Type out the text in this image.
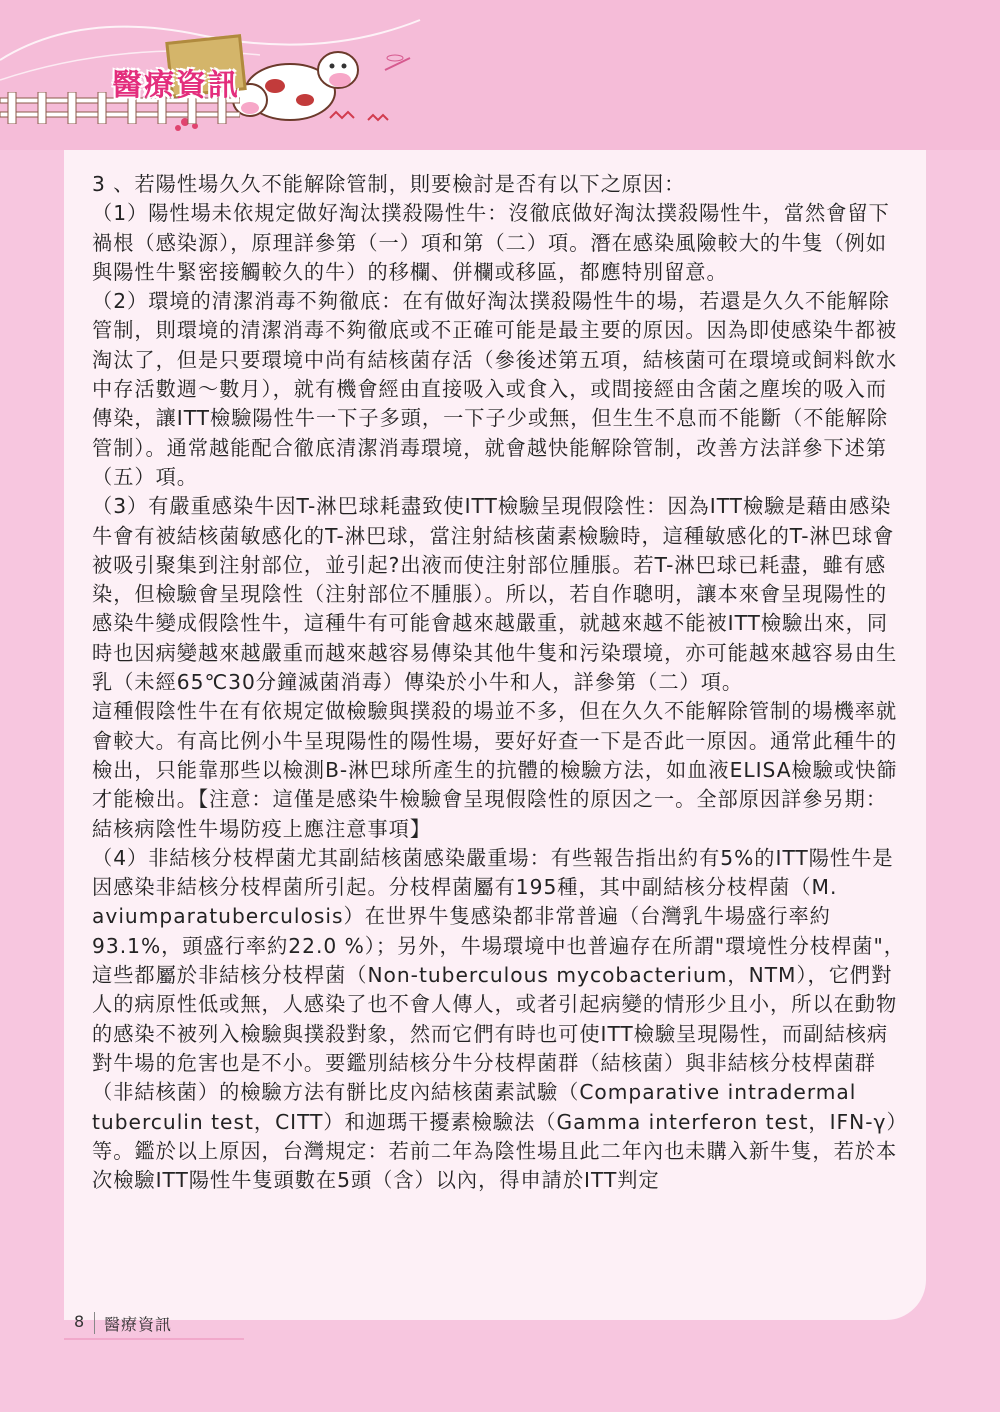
醫療資訊

3 、若陽性場久久不能解除管制，則要檢討是否有以下之原因：

（1）陽性場未依規定做好淘汰撲殺陽性牛：沒徹底做好淘汰撲殺陽性牛，當然會留下禍根（感染源），原理詳參第（一）項和第（二）項。潛在感染風險較大的牛隻（例如與陽性牛緊密接觸較久的牛）的移欄、併欄或移區，都應特別留意。

（2）環境的清潔消毒不夠徹底：在有做好淘汰撲殺陽性牛的場，若還是久久不能解除管制，則環境的清潔消毒不夠徹底或不正確可能是最主要的原因。因為即使感染牛都被淘汰了，但是只要環境中尚有結核菌存活（參後述第五項，結核菌可在環境或飼料飲水中存活數週～數月），就有機會經由直接吸入或食入，或間接經由含菌之塵埃的吸入而傳染，讓ITT檢驗陽性牛一下子多頭，一下子少或無，但生生不息而不能斷（不能解除管制）。通常越能配合徹底清潔消毒環境，就會越快能解除管制，改善方法詳參下述第（五）項。

（3）有嚴重感染牛因T-淋巴球耗盡致使ITT檢驗呈現假陰性：因為ITT檢驗是藉由感染牛會有被結核菌敏感化的T-淋巴球，當注射結核菌素檢驗時，這種敏感化的T-淋巴球會被吸引聚集到注射部位，並引起?出液而使注射部位腫脹。若T-淋巴球已耗盡，雖有感染，但檢驗會呈現陰性（注射部位不腫脹）。所以，若自作聰明，讓本來會呈現陽性的感染牛變成假陰性牛，這種牛有可能會越來越嚴重，就越來越不能被ITT檢驗出來，同時也因病變越來越嚴重而越來越容易傳染其他牛隻和污染環境，亦可能越來越容易由生乳（未經65℃30分鐘滅菌消毒）傳染於小牛和人，詳參第（二）項。

這種假陰性牛在有依規定做檢驗與撲殺的場並不多，但在久久不能解除管制的場機率就會較大。有高比例小牛呈現陽性的陽性場，要好好查一下是否此一原因。通常此種牛的檢出，只能靠那些以檢測B-淋巴球所產生的抗體的檢驗方法，如血液ELISA檢驗或快篩才能檢出。【注意：這僅是感染牛檢驗會呈現假陰性的原因之一。全部原因詳參另期：結核病陰性牛場防疫上應注意事項】

（4）非結核分枝桿菌尤其副結核菌感染嚴重場：有些報告指出約有5%的ITT陽性牛是因感染非結核分枝桿菌所引起。分枝桿菌屬有195種，其中副結核分枝桿菌（M. aviumparatuberculosis）在世界牛隻感染都非常普遍（台灣乳牛場盛行率約93.1%，頭盛行率約22.0 %）；另外，牛場環境中也普遍存在所謂"環境性分枝桿菌"，這些都屬於非結核分枝桿菌（Non-tuberculous mycobacterium，NTM），它們對人的病原性低或無，人感染了也不會人傳人，或者引起病變的情形少且小，所以在動物的感染不被列入檢驗與撲殺對象，然而它們有時也可使ITT檢驗呈現陽性，而副結核病對牛場的危害也是不小。要鑑別結核分牛分枝桿菌群（結核菌）與非結核分枝桿菌群（非結核菌）的檢驗方法有骿比皮內結核菌素試驗（Comparative intradermal tuberculin test，CITT）和迦瑪干擾素檢驗法（Gamma interferon test，IFN-γ）等。鑑於以上原因，台灣規定：若前二年為陰性場且此二年內也未購入新牛隻，若於本次檢驗ITT陽性牛隻頭數在5頭（含）以內，得申請於ITT判定

8 醫療資訊
